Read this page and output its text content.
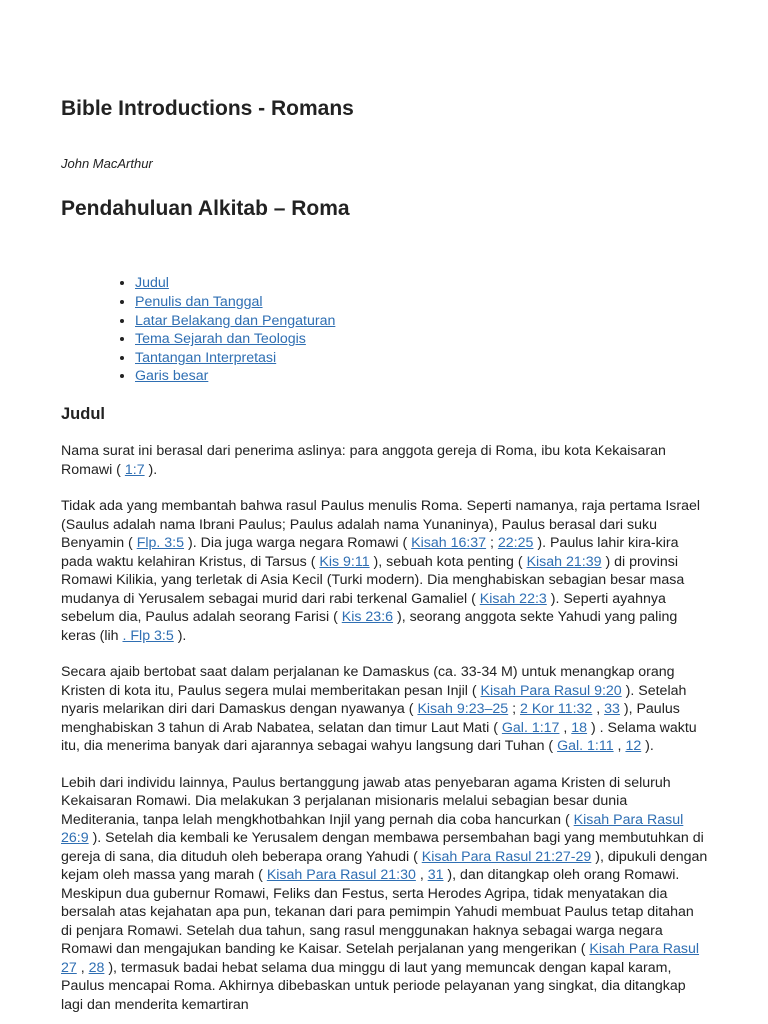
Bible Introductions - Romans
John MacArthur
Pendahuluan Alkitab – Roma
• Judul
• Penulis dan Tanggal
• Latar Belakang dan Pengaturan
• Tema Sejarah dan Teologis
• Tantangan Interpretasi
• Garis besar
Judul

Nama surat ini berasal dari penerima aslinya: para anggota gereja di Roma, ibu kota Kekaisaran Romawi ( 1:7 ).

Tidak ada yang membantah bahwa rasul Paulus menulis Roma. Seperti namanya, raja pertama Israel (Saulus adalah nama Ibrani Paulus; Paulus adalah nama Yunaninya), Paulus berasal dari suku Benyamin ( Flp. 3:5 ). Dia juga warga negara Romawi ( Kisah 16:37 ; 22:25 ). Paulus lahir kira-kira pada waktu kelahiran Kristus, di Tarsus ( Kis 9:11 ), sebuah kota penting ( Kisah 21:39 ) di provinsi Romawi Kilikia, yang terletak di Asia Kecil (Turki modern). Dia menghabiskan sebagian besar masa mudanya di Yerusalem sebagai murid dari rabi terkenal Gamaliel ( Kisah 22:3 ). Seperti ayahnya sebelum dia, Paulus adalah seorang Farisi ( Kis 23:6 ), seorang anggota sekte Yahudi yang paling keras (lih . Flp 3:5 ).

Secara ajaib bertobat saat dalam perjalanan ke Damaskus (ca. 33-34 M) untuk menangkap orang Kristen di kota itu, Paulus segera mulai memberitakan pesan Injil ( Kisah Para Rasul 9:20 ). Setelah nyaris melarikan diri dari Damaskus dengan nyawanya ( Kisah 9:23–25 ; 2 Kor 11:32 , 33 ), Paulus menghabiskan 3 tahun di Arab Nabatea, selatan dan timur Laut Mati ( Gal. 1:17 , 18 ) . Selama waktu itu, dia menerima banyak dari ajarannya sebagai wahyu langsung dari Tuhan ( Gal. 1:11 , 12 ).

Lebih dari individu lainnya, Paulus bertanggung jawab atas penyebaran agama Kristen di seluruh Kekaisaran Romawi. Dia melakukan 3 perjalanan misionaris melalui sebagian besar dunia Mediterania, tanpa lelah mengkhotbahkan Injil yang pernah dia coba hancurkan ( Kisah Para Rasul 26:9 ). Setelah dia kembali ke Yerusalem dengan membawa persembahan bagi yang membutuhkan di gereja di sana, dia dituduh oleh beberapa orang Yahudi ( Kisah Para Rasul 21:27-29 ), dipukuli dengan kejam oleh massa yang marah ( Kisah Para Rasul 21:30 , 31 ), dan ditangkap oleh orang Romawi. Meskipun dua gubernur Romawi, Feliks dan Festus, serta Herodes Agripa, tidak menyatakan dia bersalah atas kejahatan apa pun, tekanan dari para pemimpin Yahudi membuat Paulus tetap ditahan di penjara Romawi. Setelah dua tahun, sang rasul menggunakan haknya sebagai warga negara Romawi dan mengajukan banding ke Kaisar. Setelah perjalanan yang mengerikan ( Kisah Para Rasul 27 , 28 ), termasuk badai hebat selama dua minggu di laut yang memuncak dengan kapal karam, Paulus mencapai Roma. Akhirnya dibebaskan untuk periode pelayanan yang singkat, dia ditangkap lagi dan menderita kemartiran
